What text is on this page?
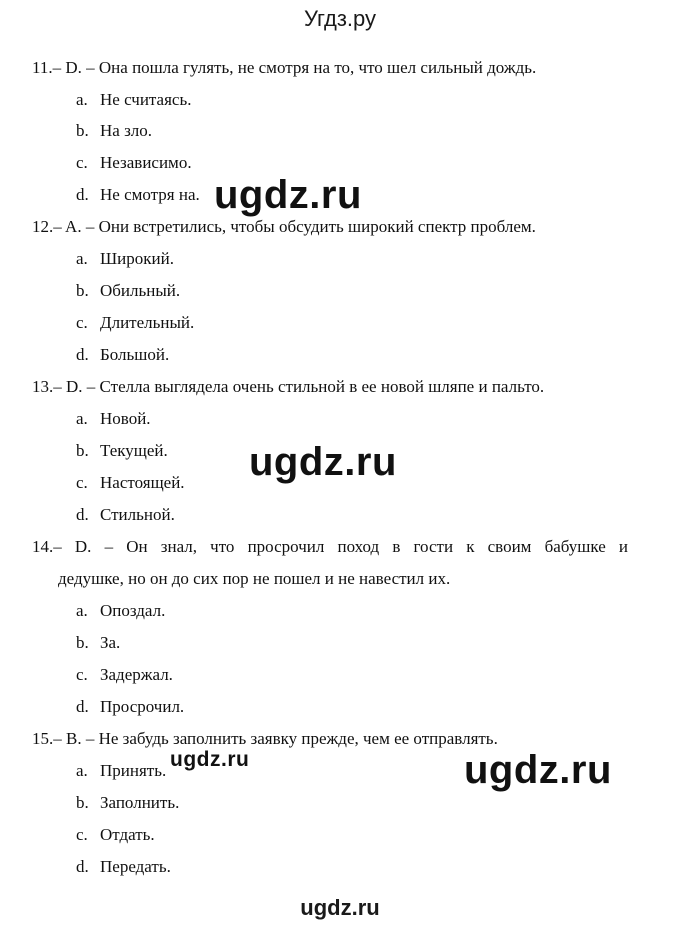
Угдз.ру
11.– D. – Она пошла гулять, не смотря на то, что шел сильный дождь.
a. Не считаясь.
b. На зло.
c. Независимо.
d. Не смотря на.
12.– A. – Они встретились, чтобы обсудить широкий спектр проблем.
a. Широкий.
b. Обильный.
c. Длительный.
d. Большой.
13.– D. – Стелла выглядела очень стильной в ее новой шляпе и пальто.
a. Новой.
b. Текущей.
c. Настоящей.
d. Стильной.
14.– D. – Он знал, что просрочил поход в гости к своим бабушке и
дедушке, но он до сих пор не пошел и не навестил их.
a. Опоздал.
b. За.
c. Задержал.
d. Просрочил.
15.– B. – Не забудь заполнить заявку прежде, чем ее отправлять.
a. Принять.
b. Заполнить.
c. Отдать.
d. Передать.
ugdz.ru
ugdz.ru
ugdz.ru	ugdz.ru
ugdz.ru
